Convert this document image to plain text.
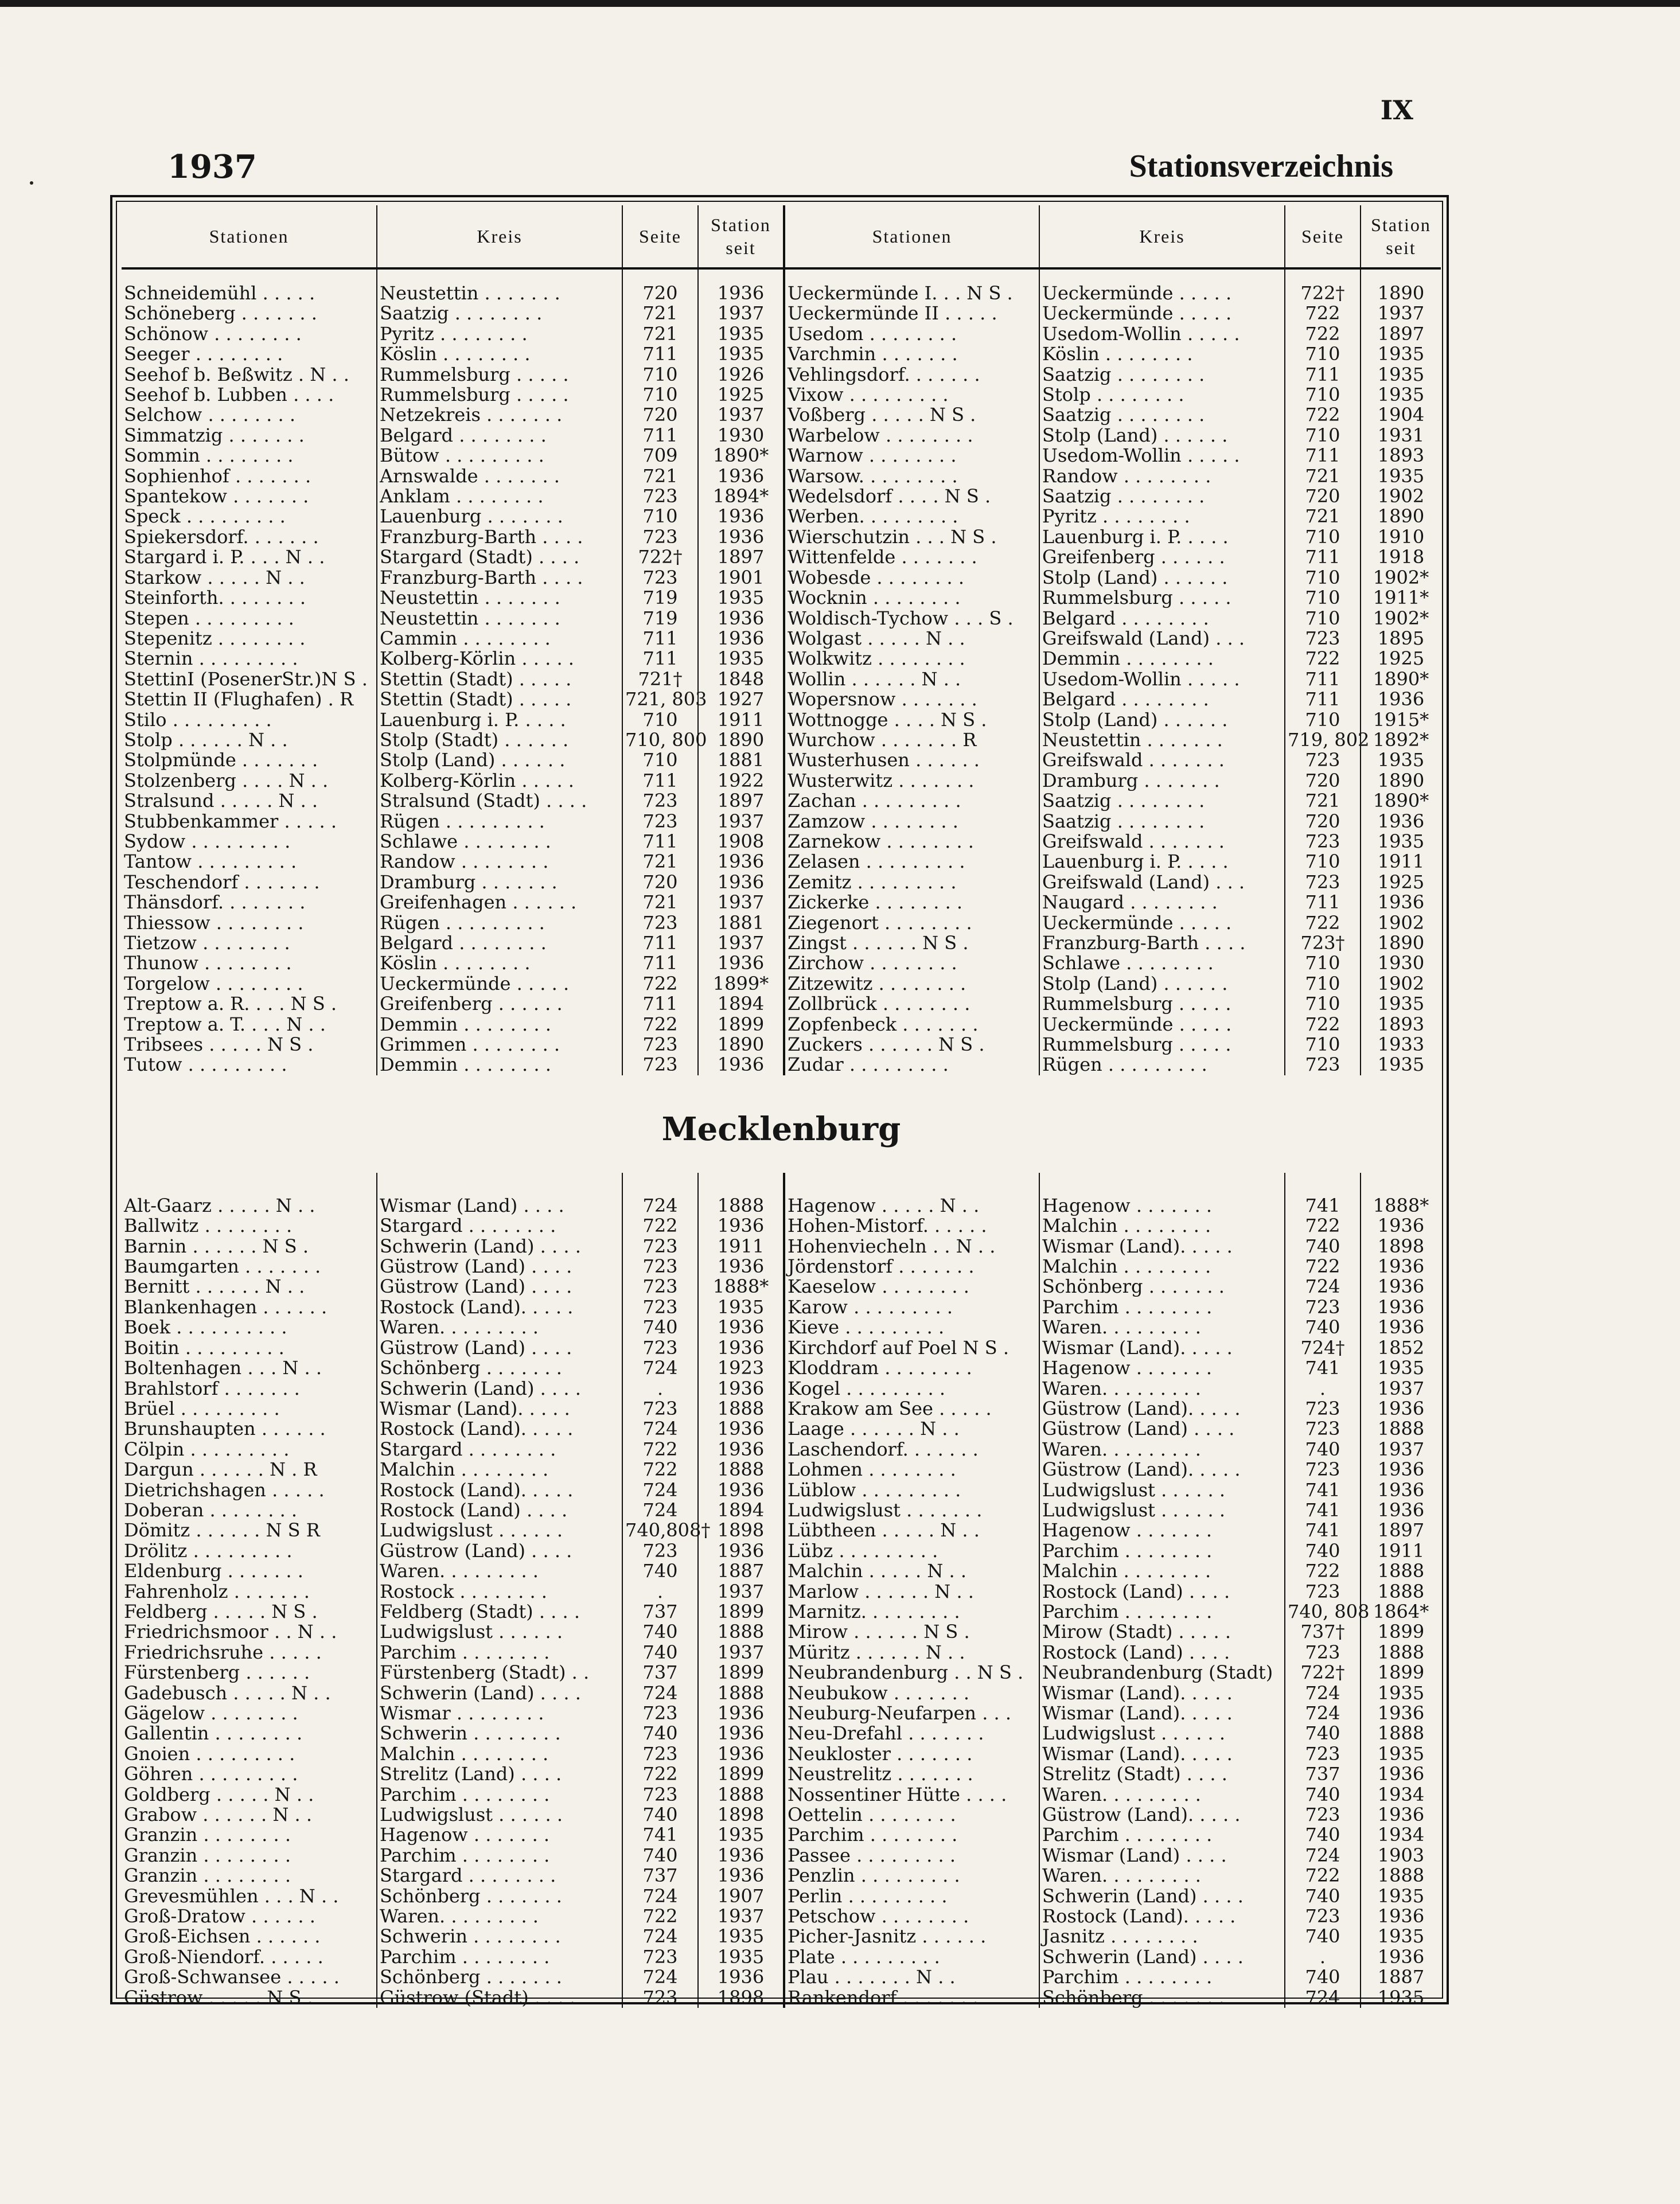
IX
1937	Stationsverzeichnis
Stationen	Kreis	Seite	Station seit	Stationen	Kreis	Seite	Station seit

Schneidemühl . . . . .	Neustettin . . . . . . .	720	1936	Ueckermünde I. . . N S .	Ueckermünde . . . . .	722†	1890
Schöneberg . . . . . . .	Saatzig . . . . . . . .	721	1937	Ueckermünde II . . . . .	Ueckermünde . . . . .	722	1937
Schönow . . . . . . . .	Pyritz . . . . . . . .	721	1935	Usedom . . . . . . . .	Usedom-Wollin . . . . .	722	1897
Seeger . . . . . . . .	Köslin . . . . . . . .	711	1935	Varchmin . . . . . . .	Köslin . . . . . . . .	710	1935
Seehof b. Beßwitz . N . .	Rummelsburg . . . . .	710	1926	Vehlingsdorf. . . . . . .	Saatzig . . . . . . . .	711	1935
Seehof b. Lubben . . . .	Rummelsburg . . . . .	710	1925	Vixow . . . . . . . . .	Stolp . . . . . . . .	710	1935
Selchow . . . . . . . .	Netzekreis . . . . . . .	720	1937	Voßberg . . . . . N S .	Saatzig . . . . . . . .	722	1904
Simmatzig . . . . . . .	Belgard . . . . . . . .	711	1930	Warbelow . . . . . . . .	Stolp (Land) . . . . . .	710	1931
Sommin . . . . . . . .	Bütow . . . . . . . . .	709	1890*	Warnow . . . . . . . .	Usedom-Wollin . . . . .	711	1893
Sophienhof . . . . . . .	Arnswalde . . . . . . .	721	1936	Warsow. . . . . . . . .	Randow . . . . . . . .	721	1935
Spantekow . . . . . . .	Anklam . . . . . . . .	723	1894*	Wedelsdorf . . . . N S .	Saatzig . . . . . . . .	720	1902
Speck . . . . . . . . .	Lauenburg . . . . . . .	710	1936	Werben. . . . . . . . .	Pyritz . . . . . . . .	721	1890
Spiekersdorf. . . . . . .	Franzburg-Barth . . . .	723	1936	Wierschutzin . . . N S .	Lauenburg i. P. . . . .	710	1910
Stargard i. P. . . . N . .	Stargard (Stadt) . . . .	722†	1897	Wittenfelde . . . . . . .	Greifenberg . . . . . .	711	1918
Starkow . . . . . N . .	Franzburg-Barth . . . .	723	1901	Wobesde . . . . . . . .	Stolp (Land) . . . . . .	710	1902*
Steinforth. . . . . . . .	Neustettin . . . . . . .	719	1935	Wocknin . . . . . . . .	Rummelsburg . . . . .	710	1911*
Stepen . . . . . . . . .	Neustettin . . . . . . .	719	1936	Woldisch-Tychow . . . S .	Belgard . . . . . . . .	710	1902*
Stepenitz . . . . . . . .	Cammin . . . . . . . .	711	1936	Wolgast . . . . . N . .	Greifswald (Land) . . .	723	1895
Sternin . . . . . . . . .	Kolberg-Körlin . . . . .	711	1935	Wolkwitz . . . . . . . .	Demmin . . . . . . . .	722	1925
StettinI (PosenerStr.)N S .	Stettin (Stadt) . . . . .	721†	1848	Wollin . . . . . . N . .	Usedom-Wollin . . . . .	711	1890*
Stettin II (Flughafen) . R	Stettin (Stadt) . . . . .	721, 803	1927	Wopersnow . . . . . . .	Belgard . . . . . . . .	711	1936
Stilo . . . . . . . . .	Lauenburg i. P. . . . .	710	1911	Wottnogge . . . . N S .	Stolp (Land) . . . . . .	710	1915*
Stolp . . . . . . N . .	Stolp (Stadt) . . . . . .	710, 800	1890	Wurchow . . . . . . . R	Neustettin . . . . . . .	719, 802	1892*
Stolpmünde . . . . . . .	Stolp (Land) . . . . . .	710	1881	Wusterhusen . . . . . .	Greifswald . . . . . . .	723	1935
Stolzenberg . . . . N . .	Kolberg-Körlin . . . . .	711	1922	Wusterwitz . . . . . . .	Dramburg . . . . . . .	720	1890
Stralsund . . . . . N . .	Stralsund (Stadt) . . . .	723	1897	Zachan . . . . . . . . .	Saatzig . . . . . . . .	721	1890*
Stubbenkammer . . . . .	Rügen . . . . . . . . .	723	1937	Zamzow . . . . . . . .	Saatzig . . . . . . . .	720	1936
Sydow . . . . . . . . .	Schlawe . . . . . . . .	711	1908	Zarnekow . . . . . . . .	Greifswald . . . . . . .	723	1935
Tantow . . . . . . . . .	Randow . . . . . . . .	721	1936	Zelasen . . . . . . . . .	Lauenburg i. P. . . . .	710	1911
Teschendorf . . . . . . .	Dramburg . . . . . . .	720	1936	Zemitz . . . . . . . . .	Greifswald (Land) . . .	723	1925
Thänsdorf. . . . . . . .	Greifenhagen . . . . . .	721	1937	Zickerke . . . . . . . .	Naugard . . . . . . . .	711	1936
Thiessow . . . . . . . .	Rügen . . . . . . . . .	723	1881	Ziegenort . . . . . . . .	Ueckermünde . . . . .	722	1902
Tietzow . . . . . . . .	Belgard . . . . . . . .	711	1937	Zingst . . . . . . N S .	Franzburg-Barth . . . .	723†	1890
Thunow . . . . . . . .	Köslin . . . . . . . .	711	1936	Zirchow . . . . . . . .	Schlawe . . . . . . . .	710	1930
Torgelow . . . . . . . .	Ueckermünde . . . . .	722	1899*	Zitzewitz . . . . . . . .	Stolp (Land) . . . . . .	710	1902
Treptow a. R. . . . N S .	Greifenberg . . . . . .	711	1894	Zollbrück . . . . . . . .	Rummelsburg . . . . .	710	1935
Treptow a. T. . . . N . .	Demmin . . . . . . . .	722	1899	Zopfenbeck . . . . . . .	Ueckermünde . . . . .	722	1893
Tribsees . . . . . N S .	Grimmen . . . . . . . .	723	1890	Zuckers . . . . . . N S .	Rummelsburg . . . . .	710	1933
Tutow . . . . . . . . .	Demmin . . . . . . . .	723	1936	Zudar . . . . . . . . .	Rügen . . . . . . . . .	723	1935
Mecklenburg							

Alt-Gaarz . . . . . N . .	Wismar (Land) . . . .	724	1888	Hagenow . . . . . N . .	Hagenow . . . . . . .	741	1888*
Ballwitz . . . . . . . .	Stargard . . . . . . . .	722	1936	Hohen-Mistorf. . . . . .	Malchin . . . . . . . .	722	1936
Barnin . . . . . . N S .	Schwerin (Land) . . . .	723	1911	Hohenviecheln . . N . .	Wismar (Land). . . . .	740	1898
Baumgarten . . . . . . .	Güstrow (Land) . . . .	723	1936	Jördenstorf . . . . . . .	Malchin . . . . . . . .	722	1936
Bernitt . . . . . . N . .	Güstrow (Land) . . . .	723	1888*	Kaeselow . . . . . . . .	Schönberg . . . . . . .	724	1936
Blankenhagen . . . . . .	Rostock (Land). . . . .	723	1935	Karow . . . . . . . . .	Parchim . . . . . . . .	723	1936
Boek . . . . . . . . . .	Waren. . . . . . . . .	740	1936	Kieve . . . . . . . . .	Waren. . . . . . . . .	740	1936
Boitin . . . . . . . . .	Güstrow (Land) . . . .	723	1936	Kirchdorf auf Poel N S .	Wismar (Land). . . . .	724†	1852
Boltenhagen . . . N . .	Schönberg . . . . . . .	724	1923	Kloddram . . . . . . . .	Hagenow . . . . . . .	741	1935
Brahlstorf . . . . . . .	Schwerin (Land) . . . .	.	1936	Kogel . . . . . . . . .	Waren. . . . . . . . .	.	1937
Brüel . . . . . . . . .	Wismar (Land). . . . .	723	1888	Krakow am See . . . . .	Güstrow (Land). . . . .	723	1936
Brunshaupten . . . . . .	Rostock (Land). . . . .	724	1936	Laage . . . . . . N . .	Güstrow (Land) . . . .	723	1888
Cölpin . . . . . . . . .	Stargard . . . . . . . .	722	1936	Laschendorf. . . . . . .	Waren. . . . . . . . .	740	1937
Dargun . . . . . . N . R	Malchin . . . . . . . .	722	1888	Lohmen . . . . . . . .	Güstrow (Land). . . . .	723	1936
Dietrichshagen . . . . .	Rostock (Land). . . . .	724	1936	Lüblow . . . . . . . . .	Ludwigslust . . . . . .	741	1936
Doberan . . . . . . . .	Rostock (Land) . . . .	724	1894	Ludwigslust . . . . . . .	Ludwigslust . . . . . .	741	1936
Dömitz . . . . . . N S R	Ludwigslust . . . . . .	740,808†	1898	Lübtheen . . . . . N . .	Hagenow . . . . . . .	741	1897
Drölitz . . . . . . . . .	Güstrow (Land) . . . .	723	1936	Lübz . . . . . . . . .	Parchim . . . . . . . .	740	1911
Eldenburg . . . . . . .	Waren. . . . . . . . .	740	1887	Malchin . . . . . N . .	Malchin . . . . . . . .	722	1888
Fahrenholz . . . . . . .	Rostock . . . . . . . .	.	1937	Marlow . . . . . . N . .	Rostock (Land) . . . .	723	1888
Feldberg . . . . . N S .	Feldberg (Stadt) . . . .	737	1899	Marnitz. . . . . . . . .	Parchim . . . . . . . .	740, 808	1864*
Friedrichsmoor . . N . .	Ludwigslust . . . . . .	740	1888	Mirow . . . . . . N S .	Mirow (Stadt) . . . . .	737†	1899
Friedrichsruhe . . . . .	Parchim . . . . . . . .	740	1937	Müritz . . . . . . N . .	Rostock (Land) . . . .	723	1888
Fürstenberg . . . . . .	Fürstenberg (Stadt) . .	737	1899	Neubrandenburg . . N S .	Neubrandenburg (Stadt)	722†	1899
Gadebusch . . . . . N . .	Schwerin (Land) . . . .	724	1888	Neubukow . . . . . . .	Wismar (Land). . . . .	724	1935
Gägelow . . . . . . . .	Wismar . . . . . . . .	723	1936	Neuburg-Neufarpen . . .	Wismar (Land). . . . .	724	1936
Gallentin . . . . . . . .	Schwerin . . . . . . . .	740	1936	Neu-Drefahl . . . . . . .	Ludwigslust . . . . . .	740	1888
Gnoien . . . . . . . . .	Malchin . . . . . . . .	723	1936	Neukloster . . . . . . .	Wismar (Land). . . . .	723	1935
Göhren . . . . . . . . .	Strelitz (Land) . . . .	722	1899	Neustrelitz . . . . . . .	Strelitz (Stadt) . . . .	737	1936
Goldberg . . . . . N . .	Parchim . . . . . . . .	723	1888	Nossentiner Hütte . . . .	Waren. . . . . . . . .	740	1934
Grabow . . . . . . N . .	Ludwigslust . . . . . .	740	1898	Oettelin . . . . . . . .	Güstrow (Land). . . . .	723	1936
Granzin . . . . . . . .	Hagenow . . . . . . .	741	1935	Parchim . . . . . . . .	Parchim . . . . . . . .	740	1934
Granzin . . . . . . . .	Parchim . . . . . . . .	740	1936	Passee . . . . . . . . .	Wismar (Land) . . . .	724	1903
Granzin . . . . . . . .	Stargard . . . . . . . .	737	1936	Penzlin . . . . . . . . .	Waren. . . . . . . . .	722	1888
Grevesmühlen . . . N . .	Schönberg . . . . . . .	724	1907	Perlin . . . . . . . . .	Schwerin (Land) . . . .	740	1935
Groß-Dratow . . . . . .	Waren. . . . . . . . .	722	1937	Petschow . . . . . . . .	Rostock (Land). . . . .	723	1936
Groß-Eichsen . . . . . .	Schwerin . . . . . . . .	724	1935	Picher-Jasnitz . . . . . .	Jasnitz . . . . . . . .	740	1935
Groß-Niendorf. . . . . .	Parchim . . . . . . . .	723	1935	Plate . . . . . . . . .	Schwerin (Land) . . . .	.	1936
Groß-Schwansee . . . . .	Schönberg . . . . . . .	724	1936	Plau . . . . . . . N . .	Parchim . . . . . . . .	740	1887
Güstrow . . . . . N S .	Güstrow (Stadt) . . . .	723	1898	Rankendorf . . . . . . .	Schönberg . . . . . . .	724	1935
